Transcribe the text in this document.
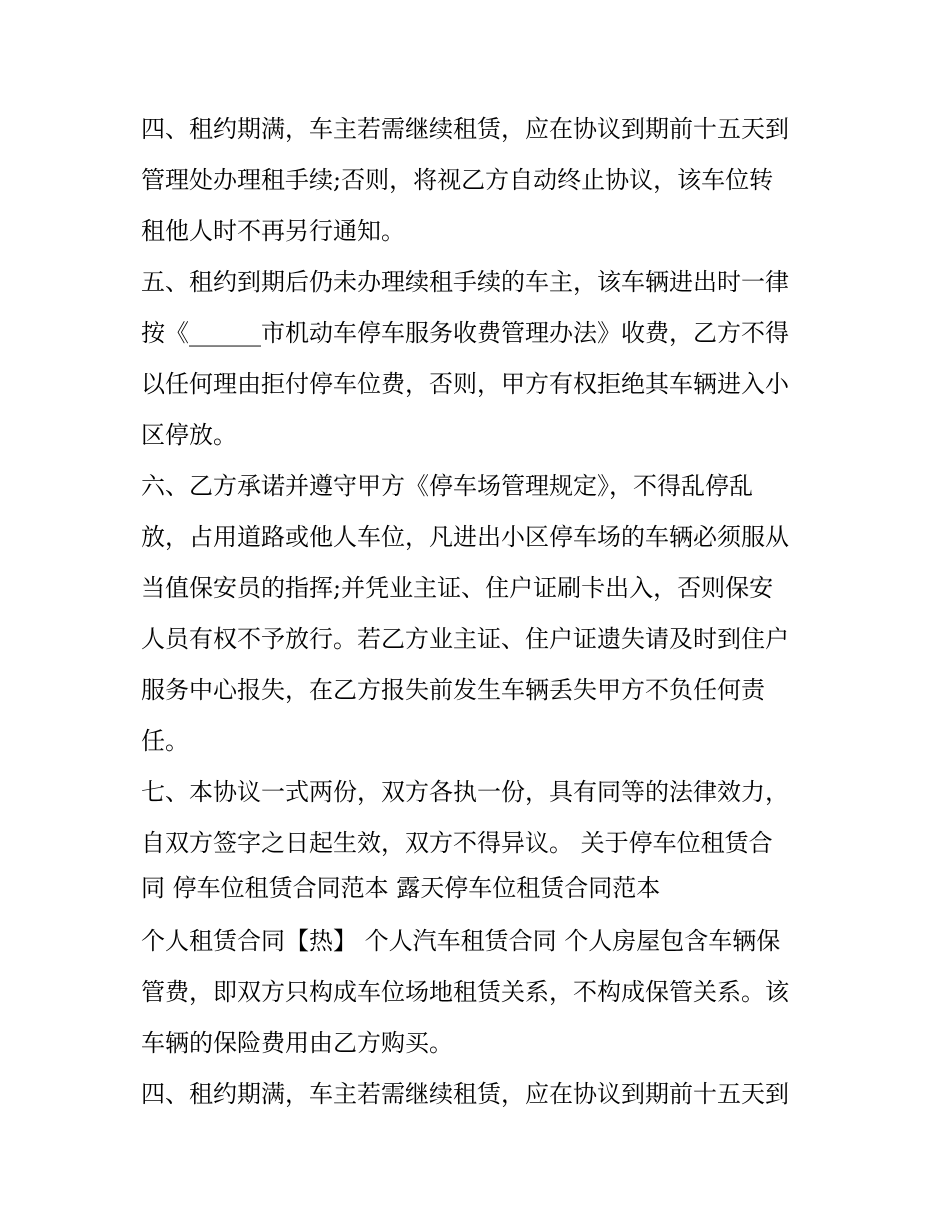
四、租约期满，车主若需继续租赁，应在协议到期前十五天到
管理处办理租手续;否则，将视乙方自动终止协议，该车位转
租他人时不再另行通知。
五、租约到期后仍未办理续租手续的车主，该车辆进出时一律
按《______市机动车停车服务收费管理办法》收费，乙方不得
以任何理由拒付停车位费，否则，甲方有权拒绝其车辆进入小
区停放。
六、乙方承诺并遵守甲方《停车场管理规定》，不得乱停乱
放，占用道路或他人车位，凡进出小区停车场的车辆必须服从
当值保安员的指挥;并凭业主证、住户证刷卡出入，否则保安
人员有权不予放行。若乙方业主证、住户证遗失请及时到住户
服务中心报失，在乙方报失前发生车辆丢失甲方不负任何责
任。
七、本协议一式两份，双方各执一份，具有同等的法律效力，
自双方签字之日起生效，双方不得异议。 关于停车位租赁合
同 停车位租赁合同范本 露天停车位租赁合同范本
个人租赁合同【热】 个人汽车租赁合同 个人房屋包含车辆保
管费，即双方只构成车位场地租赁关系，不构成保管关系。该
车辆的保险费用由乙方购买。
四、租约期满，车主若需继续租赁，应在协议到期前十五天到
